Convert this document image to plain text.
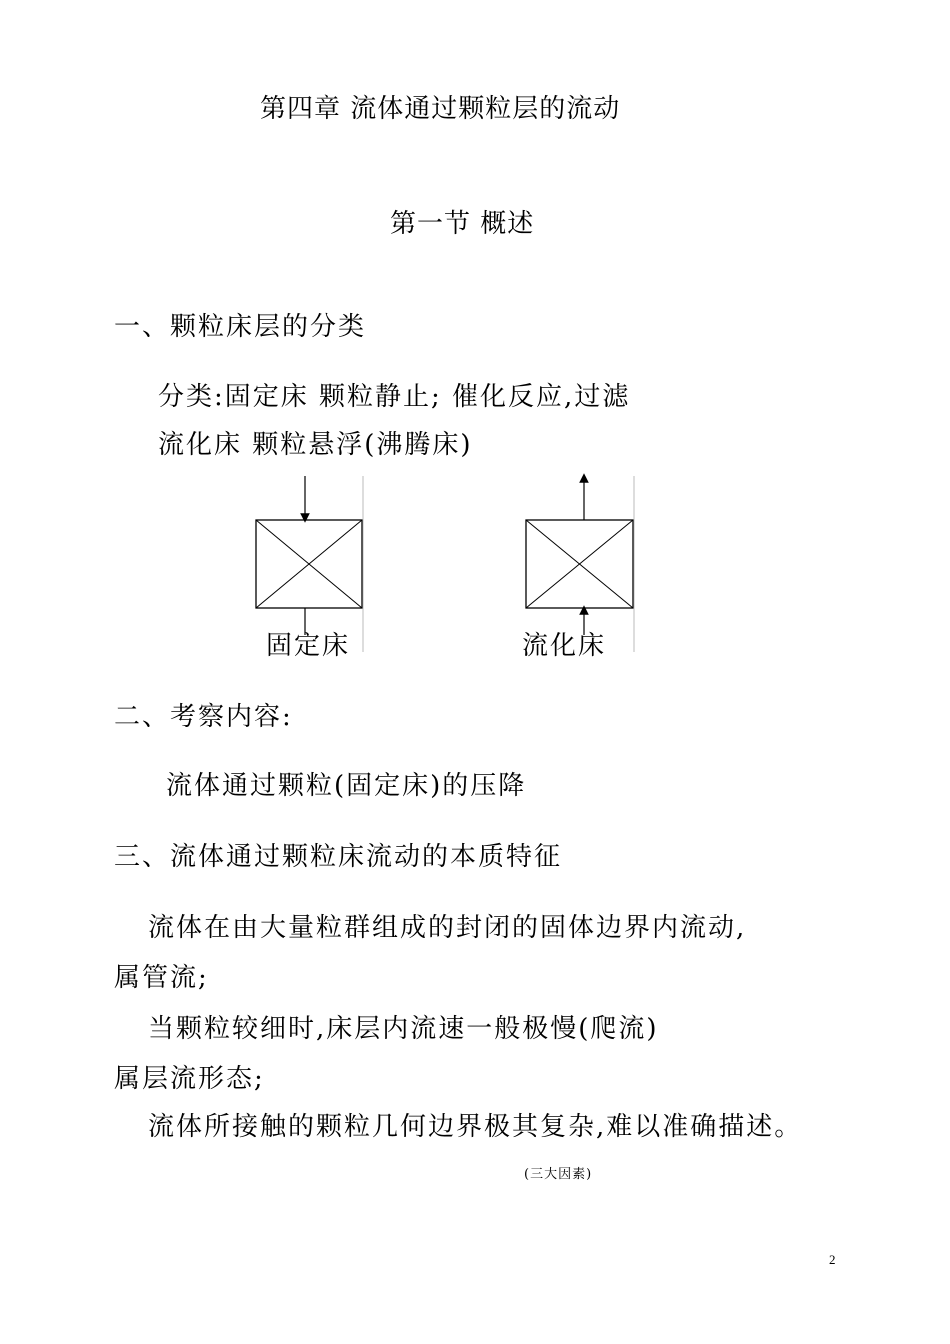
第四章 流体通过颗粒层的流动
第一节 概述
一、颗粒床层的分类
分类:固定床 颗粒静止; 催化反应,过滤
流化床 颗粒悬浮(沸腾床)
固定床	流化床
二、考察内容:
流体通过颗粒(固定床)的压降
三、流体通过颗粒床流动的本质特征
流体在由大量粒群组成的封闭的固体边界内流动,
属管流;
当颗粒较细时,床层内流速一般极慢(爬流)
属层流形态;
流体所接触的颗粒几何边界极其复杂,难以准确描述。
(三大因素)
2
